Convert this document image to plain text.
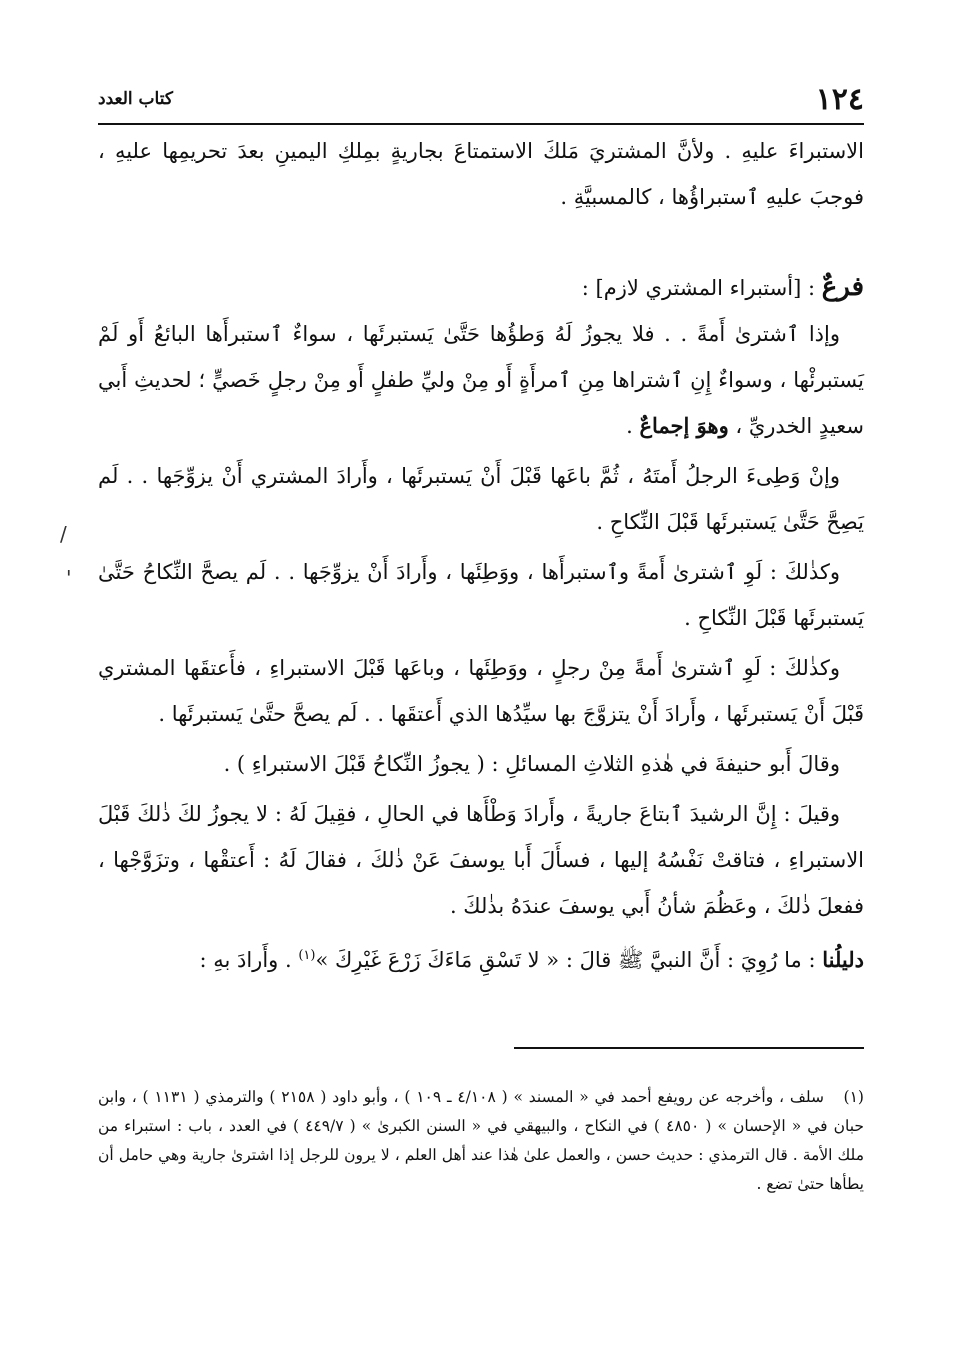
١٢٤
كتاب العدد

الاستبراءَ عليهِ . ولأنَّ المشتريَ مَلكَ الاستمتاعَ بجاريةٍ بمِلكِ اليمينِ بعدَ تحريمِها عليهِ ، فوجبَ عليهِ ٱستبراؤُها ، كالمسبيَّةِ .

فرعٌ : [أستبراء المشتري لازم] :

وإذا ٱشترىٰ أَمةً . . فلا يجوزُ لَهُ وَطؤُها حَتَّىٰ يَستبرئَها ، سواءٌ ٱستبرأَها البائعُ أَو لَمْ يَستبرئْها ، وسواءٌ إِنِ ٱشتراها مِنِ ٱمرأَةٍ أَو مِنْ وليِّ طفلٍ أَو مِنْ رجلٍ خَصيٍّ ؛ لحديثِ أَبي سعيدٍ الخدريِّ ، وهوَ إجماعٌ .

وإنْ وَطِىءَ الرجلُ أَمتَهُ ، ثُمَّ باعَها قَبْلَ أَنْ يَستبرئَها ، وأَرادَ المشتري أَنْ يزوِّجَها . . لَم يَصِحَّ حَتَّىٰ يَستبرئَها قَبْلَ النِّكاحِ .

وكذٰلكَ : لَوِ ٱشترىٰ أَمةً وٱستبرأَها ، ووَطِئَها ، وأَرادَ أَنْ يزوِّجَها . . لَم يصحَّ النِّكاحُ حَتَّىٰ يَستبرئَها قَبْلَ النِّكاحِ .

وكذٰلكَ : لَوِ ٱشترىٰ أَمةً مِنْ رجلٍ ، ووَطِئَها ، وباعَها قَبْلَ الاستبراءِ ، فأَعتقَها المشتري قَبْلَ أَنْ يَستبرئَها ، وأَرادَ أَنْ يتزوَّجَ بها سيِّدُها الذي أَعتقَها . . لَم يصحَّ حتَّىٰ يَستبرئَها .

وقالَ أَبو حنيفةَ في هٰذهِ الثلاثِ المسائلِ : ( يجوزُ النِّكاحُ قَبْلَ الاستبراءِ ) .

وقيلَ : إِنَّ الرشيدَ ٱبتاعَ جاريةً ، وأَرادَ وَطْأَها في الحالِ ، فقِيلَ لَهُ : لا يجوزُ لكَ ذٰلكَ قَبْلَ الاستبراءِ ، فتاقتْ نَفْسُهُ إليها ، فسأَلَ أَبا يوسفَ عَنْ ذٰلكَ ، فقالَ لَهُ : أَعتقْها ، وتزَوَّجْها ، ففعلَ ذٰلكَ ، وعَظُمَ شأنُ أَبي يوسفَ عندَهُ بذٰلكَ .

دليلُنا : ما رُوِيَ : أَنَّ النبيَّ ﷺ قالَ : « لا تَسْقِ مَاءَكَ زَرْعَ غَيْرِكَ »$^{(١)}$ . وأَرادَ بهِ :

/
'
(١)سلف ، وأخرجه عن رويفع أحمد في « المسند » ( ٤/١٠٨ ـ ١٠٩ ) ، وأبو داود ( ٢١٥٨ ) والترمذي ( ١١٣١ ) ، وابن حبان في « الإحسان » ( ٤٨٥٠ ) في النكاح ، والبيهقي في « السنن الكبرىٰ » ( ٤٤٩/٧ ) في العدد ، باب : استبراء من ملك الأمة . قال الترمذي : حديث حسن ، والعمل علىٰ هٰذا عند أهل العلم ، لا يرون للرجل إذا اشترىٰ جارية وهي حامل أن يطأها حتىٰ تضع .
